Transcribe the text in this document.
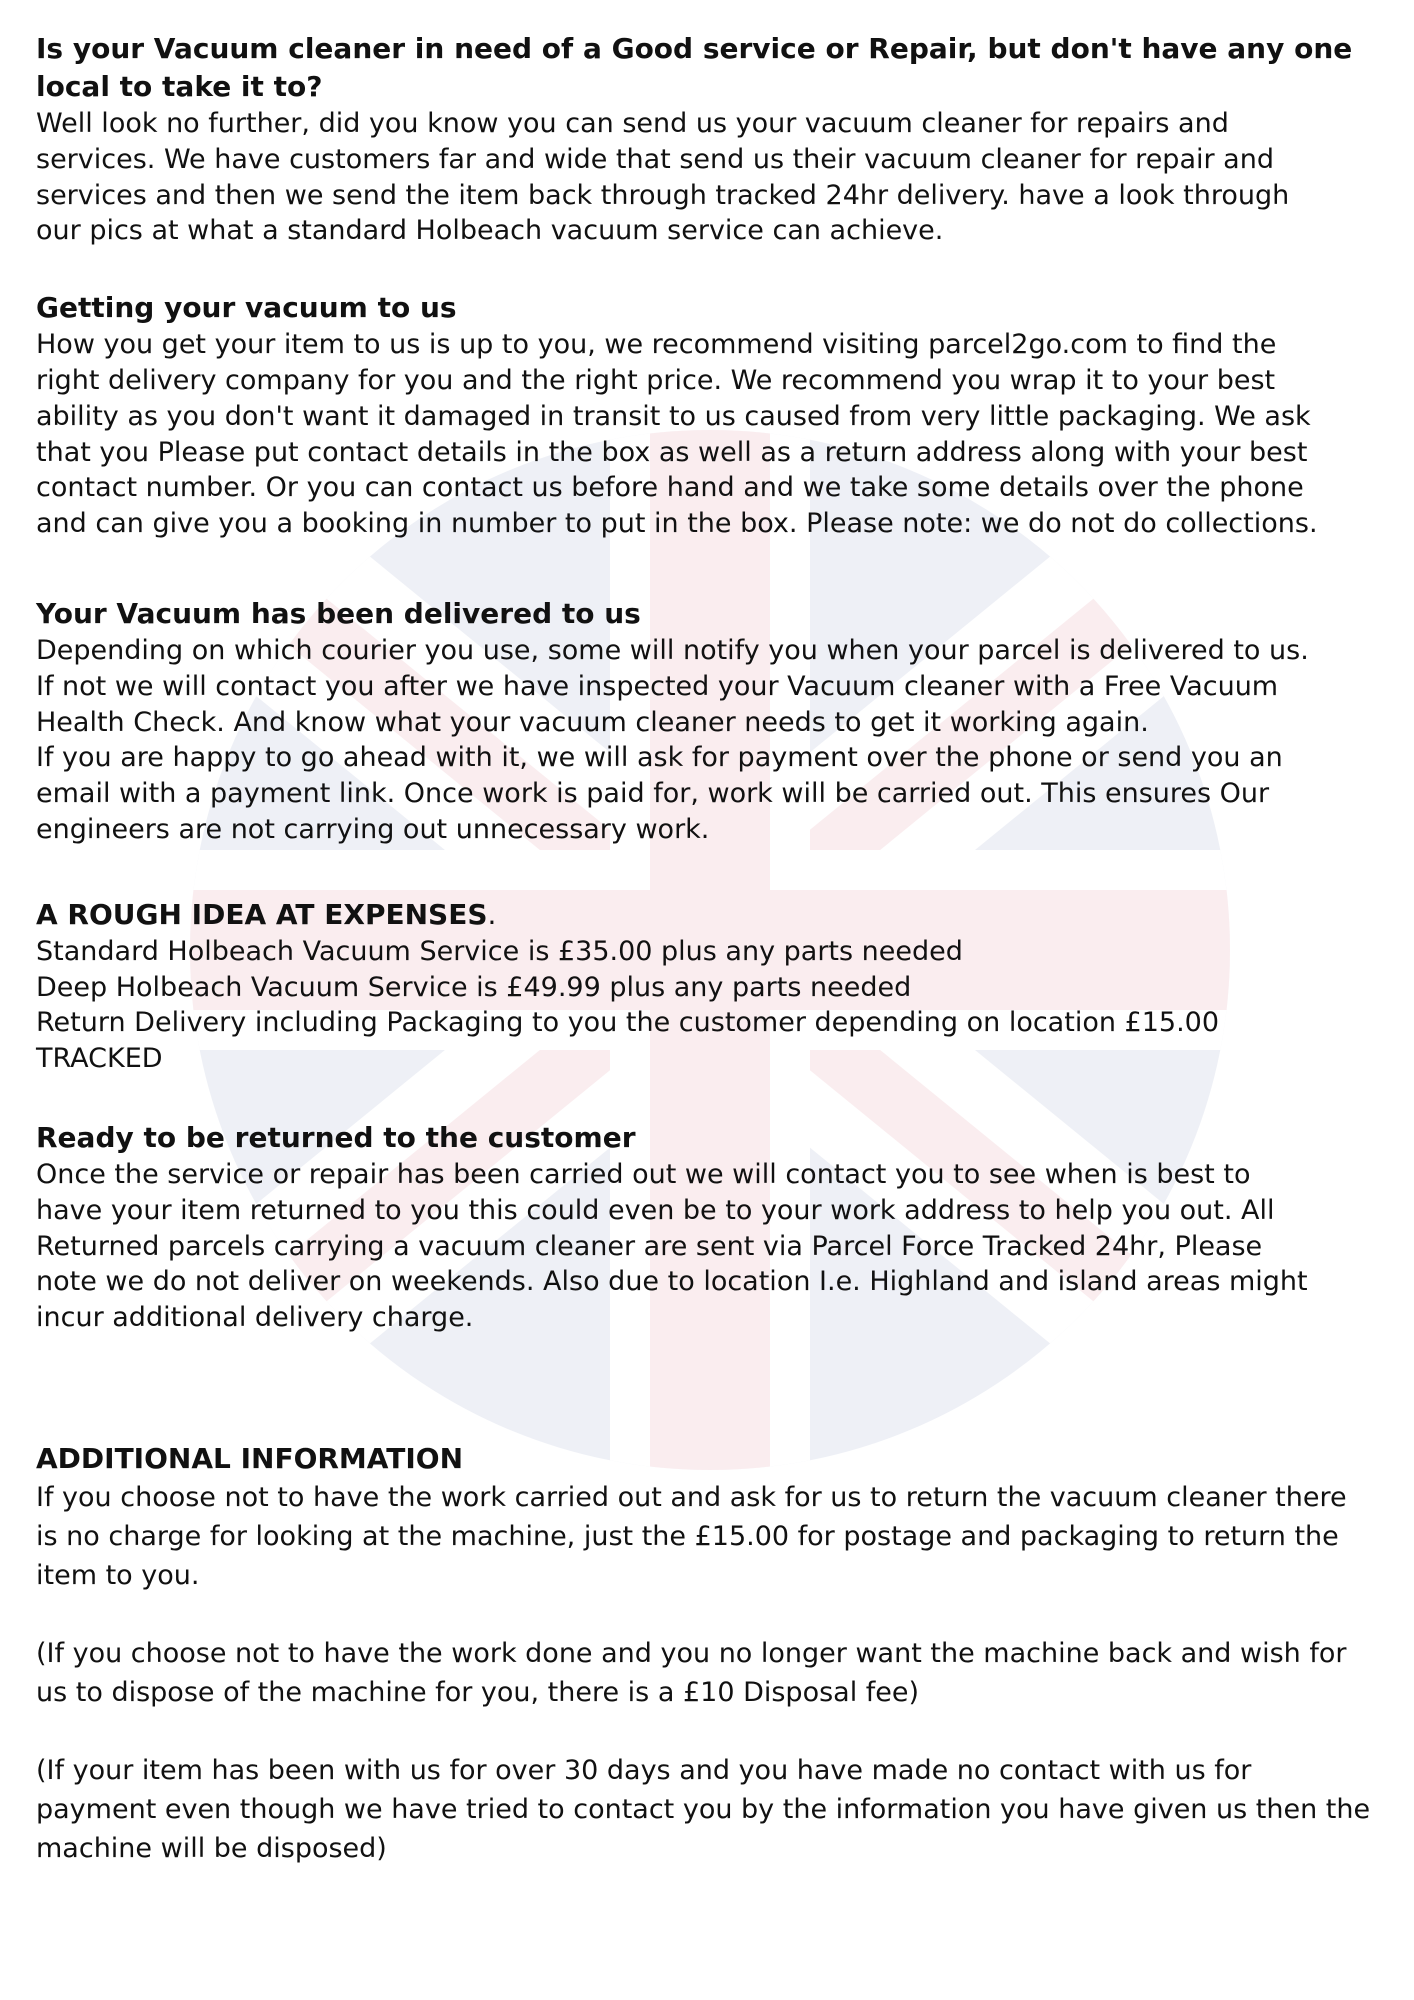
Is your Vacuum cleaner in need of a Good service or Repair, but don't have any one local to take it to?

Well look no further, did you know you can send us your vacuum cleaner for repairs and
services. We have customers far and wide that send us their vacuum cleaner for repair and
services and then we send the item back through tracked 24hr delivery. have a look through
our pics at what a standard Holbeach vacuum service can achieve.

Getting your vacuum to us

How you get your item to us is up to you, we recommend visiting parcel2go.com to find the
right delivery company for you and the right price. We recommend you wrap it to your best
ability as you don't want it damaged in transit to us caused from very little packaging. We ask
that you Please put contact details in the box as well as a return address along with your best
contact number. Or you can contact us before hand and we take some details over the phone
and can give you a booking in number to put in the box. Please note: we do not do collections.

Your Vacuum has been delivered to us

Depending on which courier you use, some will notify you when your parcel is delivered to us.
If not we will contact you after we have inspected your Vacuum cleaner with a Free Vacuum
Health Check. And know what your vacuum cleaner needs to get it working again.
If you are happy to go ahead with it, we will ask for payment over the phone or send you an
email with a payment link. Once work is paid for, work will be carried out. This ensures Our
engineers are not carrying out unnecessary work.

A ROUGH IDEA AT EXPENSES.

Standard Holbeach Vacuum Service is £35.00 plus any parts needed
Deep Holbeach Vacuum Service is £49.99 plus any parts needed
Return Delivery including Packaging to you the customer depending on location £15.00
TRACKED

Ready to be returned to the customer

Once the service or repair has been carried out we will contact you to see when is best to
have your item returned to you this could even be to your work address to help you out. All
Returned parcels carrying a vacuum cleaner are sent via Parcel Force Tracked 24hr, Please
note we do not deliver on weekends. Also due to location I.e. Highland and island areas might
incur additional delivery charge.

ADDITIONAL INFORMATION

If you choose not to have the work carried out and ask for us to return the vacuum cleaner there
is no charge for looking at the machine, just the £15.00 for postage and packaging to return the
item to you.

(If you choose not to have the work done and you no longer want the machine back and wish for
us to dispose of the machine for you, there is a £10 Disposal fee)

(If your item has been with us for over 30 days and you have made no contact with us for
payment even though we have tried to contact you by the information you have given us then the
machine will be disposed)
